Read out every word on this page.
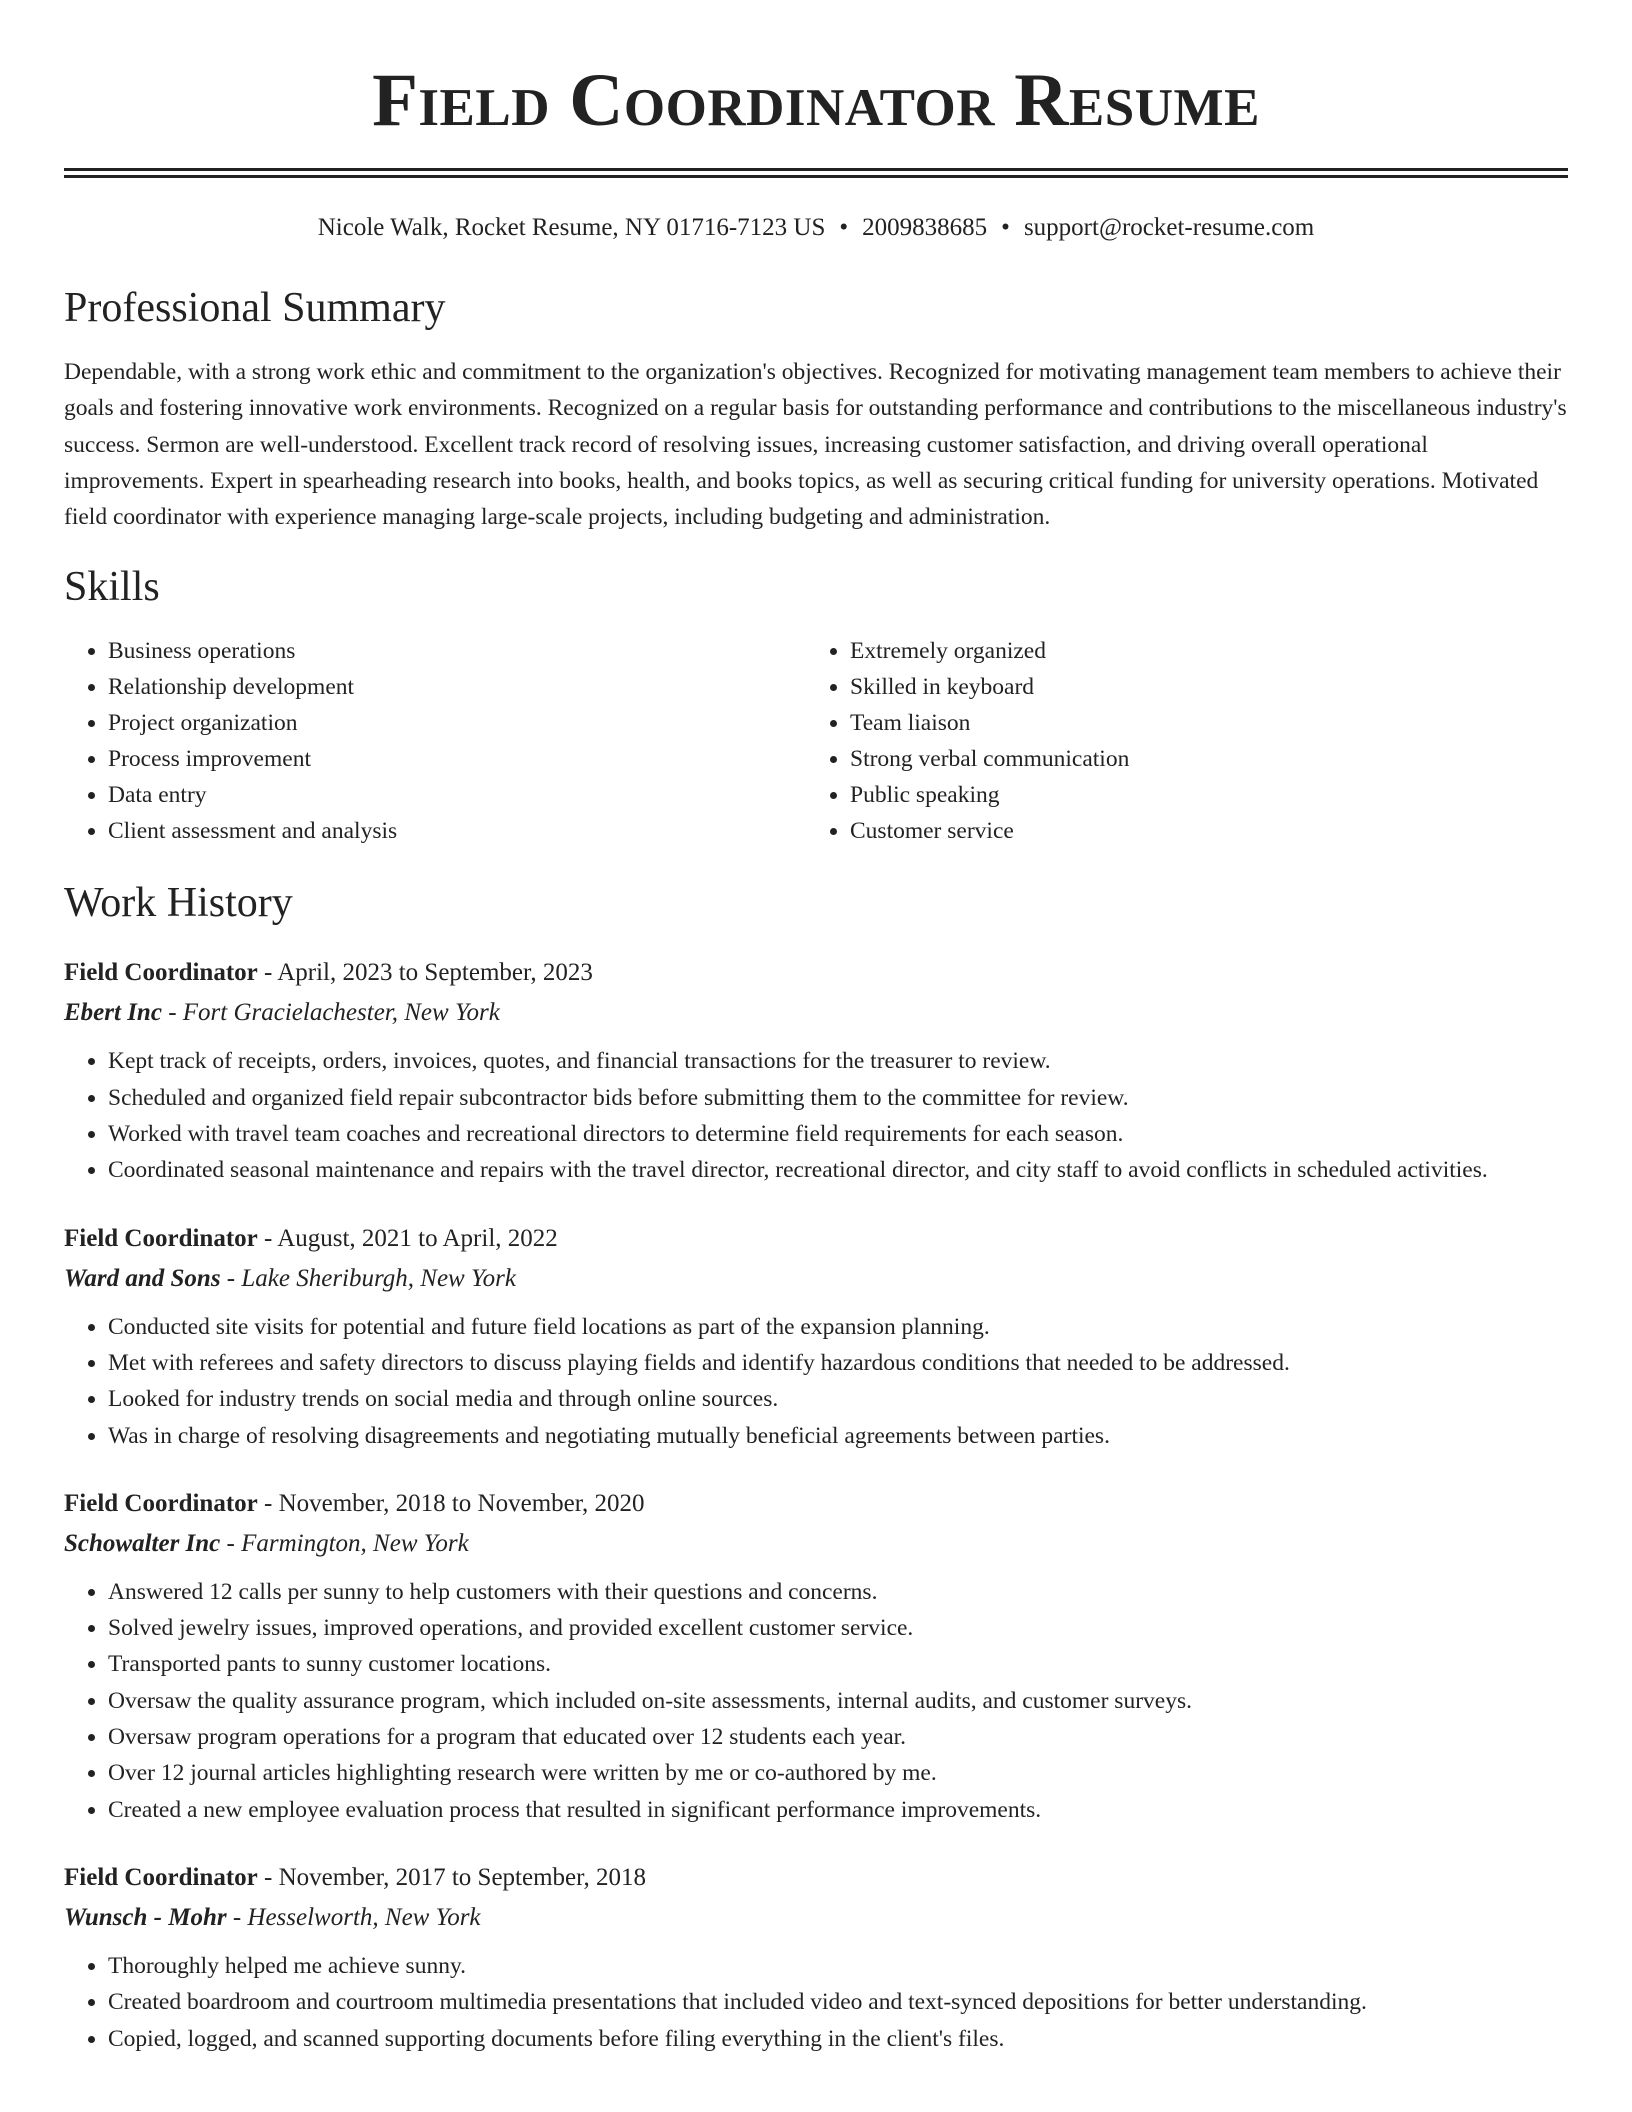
Field Coordinator Resume
Nicole Walk, Rocket Resume, NY 01716-7123 US • 2009838685 • support@rocket-resume.com
Professional Summary

Dependable, with a strong work ethic and commitment to the organization's objectives. Recognized for motivating management team members to achieve their goals and fostering innovative work environments. Recognized on a regular basis for outstanding performance and contributions to the miscellaneous industry's success. Sermon are well-understood. Excellent track record of resolving issues, increasing customer satisfaction, and driving overall operational improvements. Expert in spearheading research into books, health, and books topics, as well as securing critical funding for university operations. Motivated field coordinator with experience managing large-scale projects, including budgeting and administration.

Skills
• Business operations
• Relationship development
• Project organization
• Process improvement
• Data entry
• Client assessment and analysis
• Extremely organized
• Skilled in keyboard
• Team liaison
• Strong verbal communication
• Public speaking
• Customer service
Work History
Field Coordinator - April, 2023 to September, 2023
Ebert Inc - Fort Gracielachester, New York
• Kept track of receipts, orders, invoices, quotes, and financial transactions for the treasurer to review.
• Scheduled and organized field repair subcontractor bids before submitting them to the committee for review.
• Worked with travel team coaches and recreational directors to determine field requirements for each season.
• Coordinated seasonal maintenance and repairs with the travel director, recreational director, and city staff to avoid conflicts in scheduled activities.
Field Coordinator - August, 2021 to April, 2022
Ward and Sons - Lake Sheriburgh, New York
• Conducted site visits for potential and future field locations as part of the expansion planning.
• Met with referees and safety directors to discuss playing fields and identify hazardous conditions that needed to be addressed.
• Looked for industry trends on social media and through online sources.
• Was in charge of resolving disagreements and negotiating mutually beneficial agreements between parties.
Field Coordinator - November, 2018 to November, 2020
Schowalter Inc - Farmington, New York
• Answered 12 calls per sunny to help customers with their questions and concerns.
• Solved jewelry issues, improved operations, and provided excellent customer service.
• Transported pants to sunny customer locations.
• Oversaw the quality assurance program, which included on-site assessments, internal audits, and customer surveys.
• Oversaw program operations for a program that educated over 12 students each year.
• Over 12 journal articles highlighting research were written by me or co-authored by me.
• Created a new employee evaluation process that resulted in significant performance improvements.
Field Coordinator - November, 2017 to September, 2018
Wunsch - Mohr - Hesselworth, New York
• Thoroughly helped me achieve sunny.
• Created boardroom and courtroom multimedia presentations that included video and text-synced depositions for better understanding.
• Copied, logged, and scanned supporting documents before filing everything in the client's files.
